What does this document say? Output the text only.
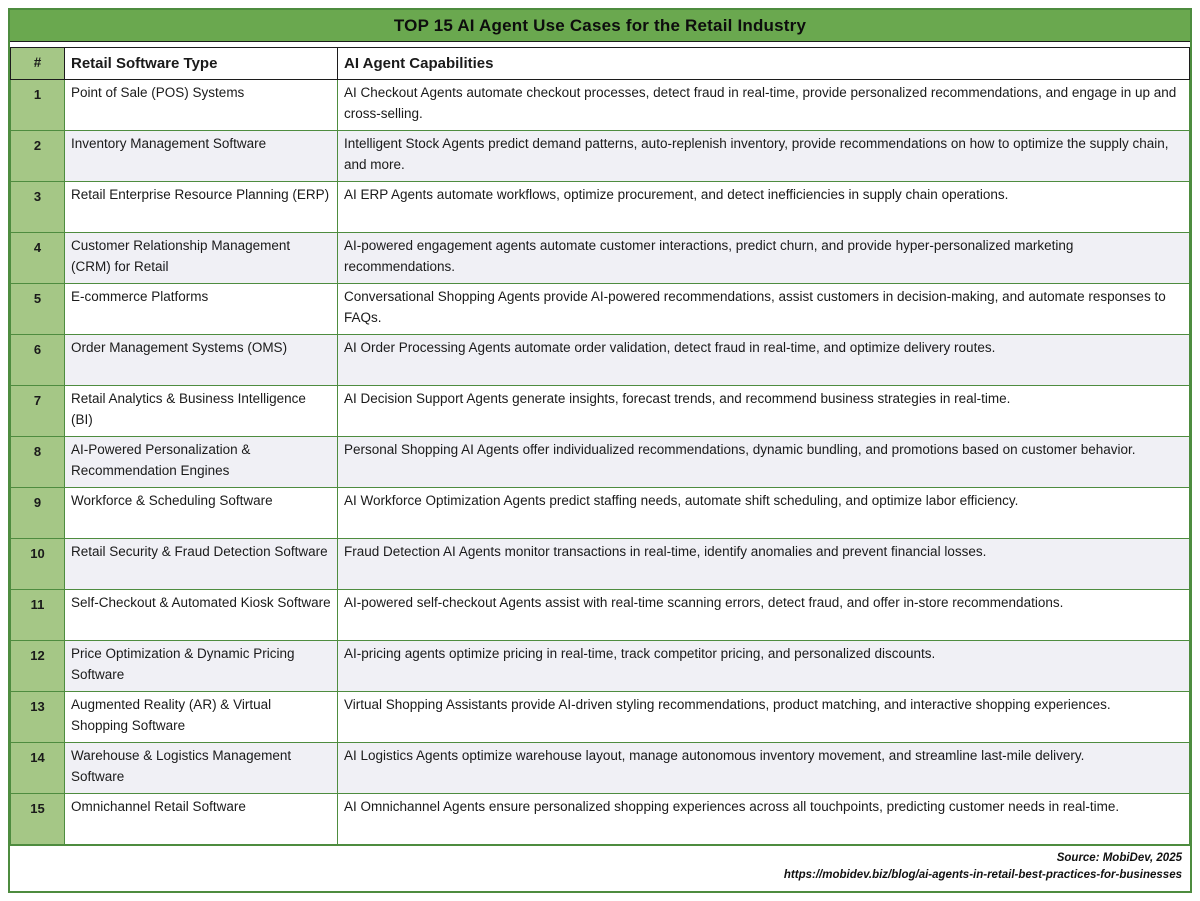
TOP 15 AI Agent Use Cases for the Retail Industry
#	Retail Software Type	AI Agent Capabilities
1	Point of Sale (POS) Systems	AI Checkout Agents automate checkout processes, detect fraud in real-time, provide personalized recommendations, and engage in up and cross-selling.
2	Inventory Management Software	Intelligent Stock Agents predict demand patterns, auto-replenish inventory, provide recommendations on how to optimize the supply chain, and more.
3	Retail Enterprise Resource Planning (ERP)	AI ERP Agents automate workflows, optimize procurement, and detect inefficiencies in supply chain operations.
4	Customer Relationship Management (CRM) for Retail	AI-powered engagement agents automate customer interactions, predict churn, and provide hyper-personalized marketing recommendations.
5	E-commerce Platforms	Conversational Shopping Agents provide AI-powered recommendations, assist customers in decision-making, and automate responses to FAQs.
6	Order Management Systems (OMS)	AI Order Processing Agents automate order validation, detect fraud in real-time, and optimize delivery routes.
7	Retail Analytics & Business Intelligence (BI)	AI Decision Support Agents generate insights, forecast trends, and recommend business strategies in real-time.
8	AI-Powered Personalization & Recommendation Engines	Personal Shopping AI Agents offer individualized recommendations, dynamic bundling, and promotions based on customer behavior.
9	Workforce & Scheduling Software	AI Workforce Optimization Agents predict staffing needs, automate shift scheduling, and optimize labor efficiency.
10	Retail Security & Fraud Detection Software	Fraud Detection AI Agents monitor transactions in real-time, identify anomalies and prevent financial losses.
11	Self-Checkout & Automated Kiosk Software	AI-powered self-checkout Agents assist with real-time scanning errors, detect fraud, and offer in-store recommendations.
12	Price Optimization & Dynamic Pricing Software	AI-pricing agents optimize pricing in real-time, track competitor pricing, and personalized discounts.
13	Augmented Reality (AR) & Virtual Shopping Software	Virtual Shopping Assistants provide AI-driven styling recommendations, product matching, and interactive shopping experiences.
14	Warehouse & Logistics Management Software	AI Logistics Agents optimize warehouse layout, manage autonomous inventory movement, and streamline last-mile delivery.
15	Omnichannel Retail Software	AI Omnichannel Agents ensure personalized shopping experiences across all touchpoints, predicting customer needs in real-time.
Source: MobiDev, 2025
https://mobidev.biz/blog/ai-agents-in-retail-best-practices-for-businesses
